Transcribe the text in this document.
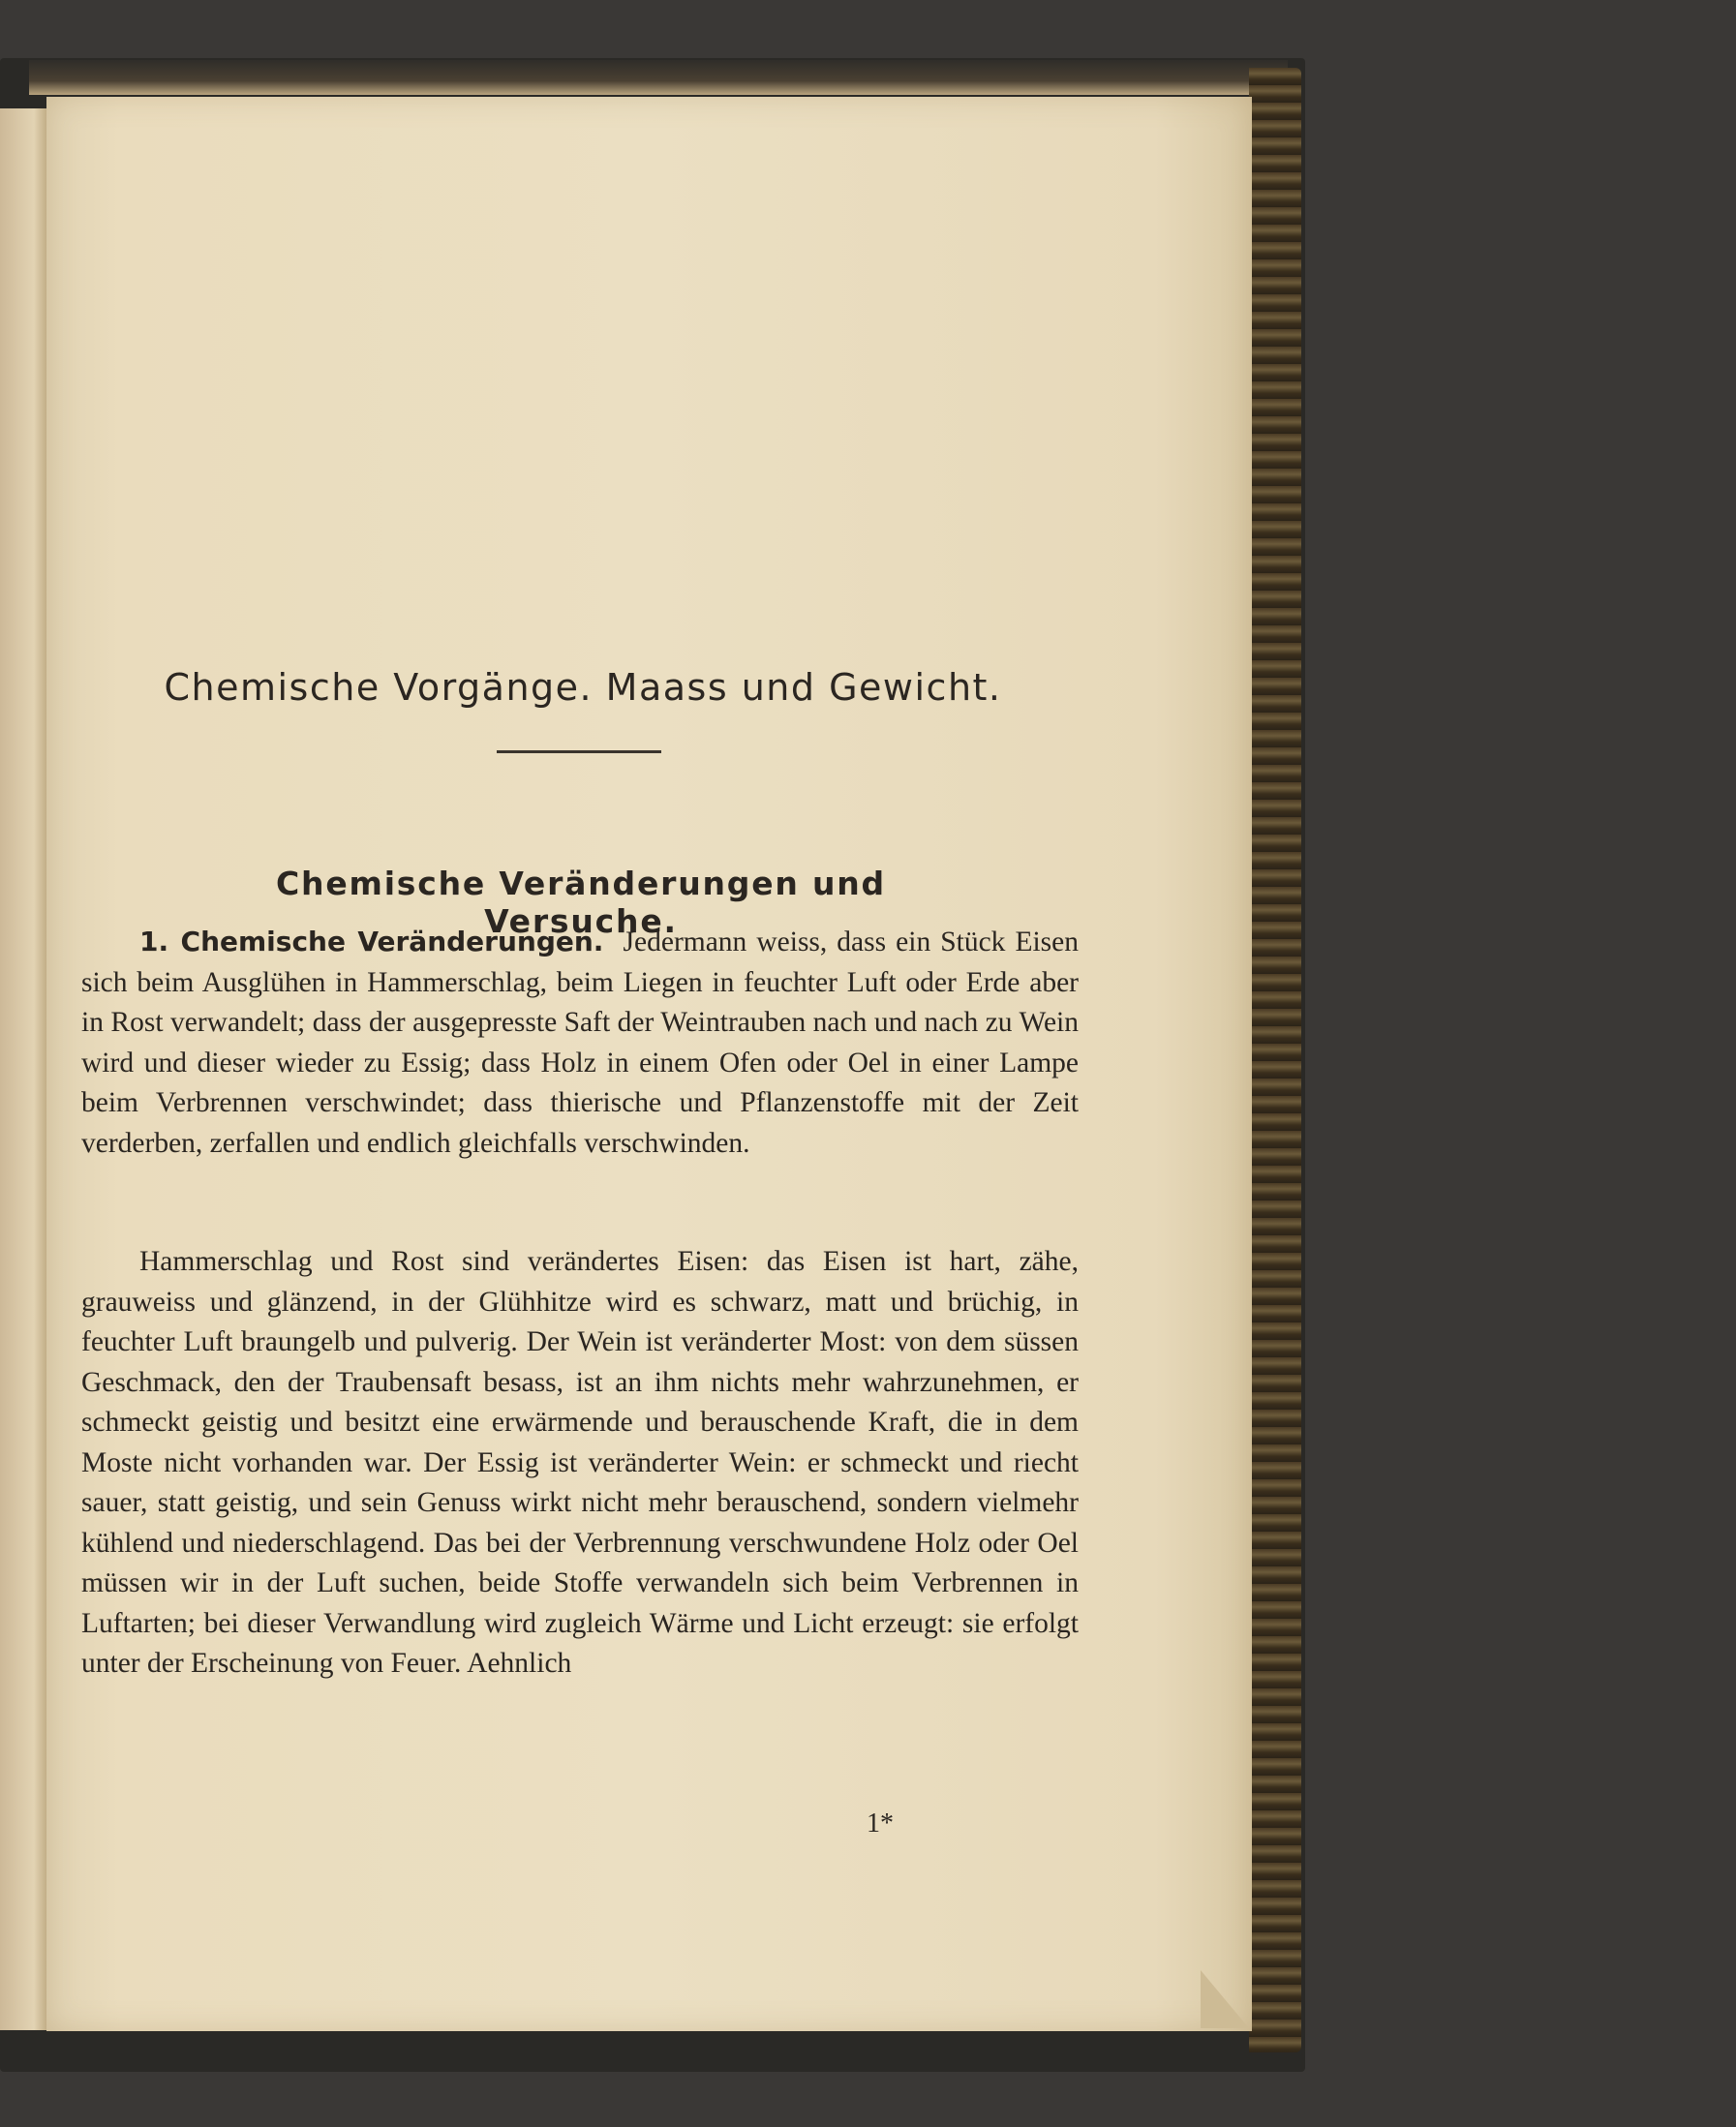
Chemische Vorgänge. Maass und Gewicht.
Chemische Veränderungen und Versuche.

1. Chemische Veränderungen. Jedermann weiss, dass ein Stück Eisen sich beim Ausglühen in Hammerschlag, beim Liegen in feuchter Luft oder Erde aber in Rost verwandelt; dass der ausgepresste Saft der Weintrauben nach und nach zu Wein wird und dieser wieder zu Essig; dass Holz in einem Ofen oder Oel in einer Lampe beim Verbrennen verschwindet; dass thierische und Pflanzenstoffe mit der Zeit verderben, zerfallen und endlich gleichfalls verschwinden.

Hammerschlag und Rost sind verändertes Eisen: das Eisen ist hart, zähe, grauweiss und glänzend, in der Glühhitze wird es schwarz, matt und brüchig, in feuchter Luft braungelb und pulverig. Der Wein ist veränderter Most: von dem süssen Geschmack, den der Traubensaft besass, ist an ihm nichts mehr wahrzunehmen, er schmeckt geistig und besitzt eine erwärmende und berauschende Kraft, die in dem Moste nicht vorhanden war. Der Essig ist veränderter Wein: er schmeckt und riecht sauer, statt geistig, und sein Genuss wirkt nicht mehr berauschend, sondern vielmehr kühlend und niederschlagend. Das bei der Verbrennung verschwundene Holz oder Oel müssen wir in der Luft suchen, beide Stoffe verwandeln sich beim Verbrennen in Luftarten; bei dieser Verwandlung wird zugleich Wärme und Licht erzeugt: sie erfolgt unter der Erscheinung von Feuer. Aehnlich

1*
